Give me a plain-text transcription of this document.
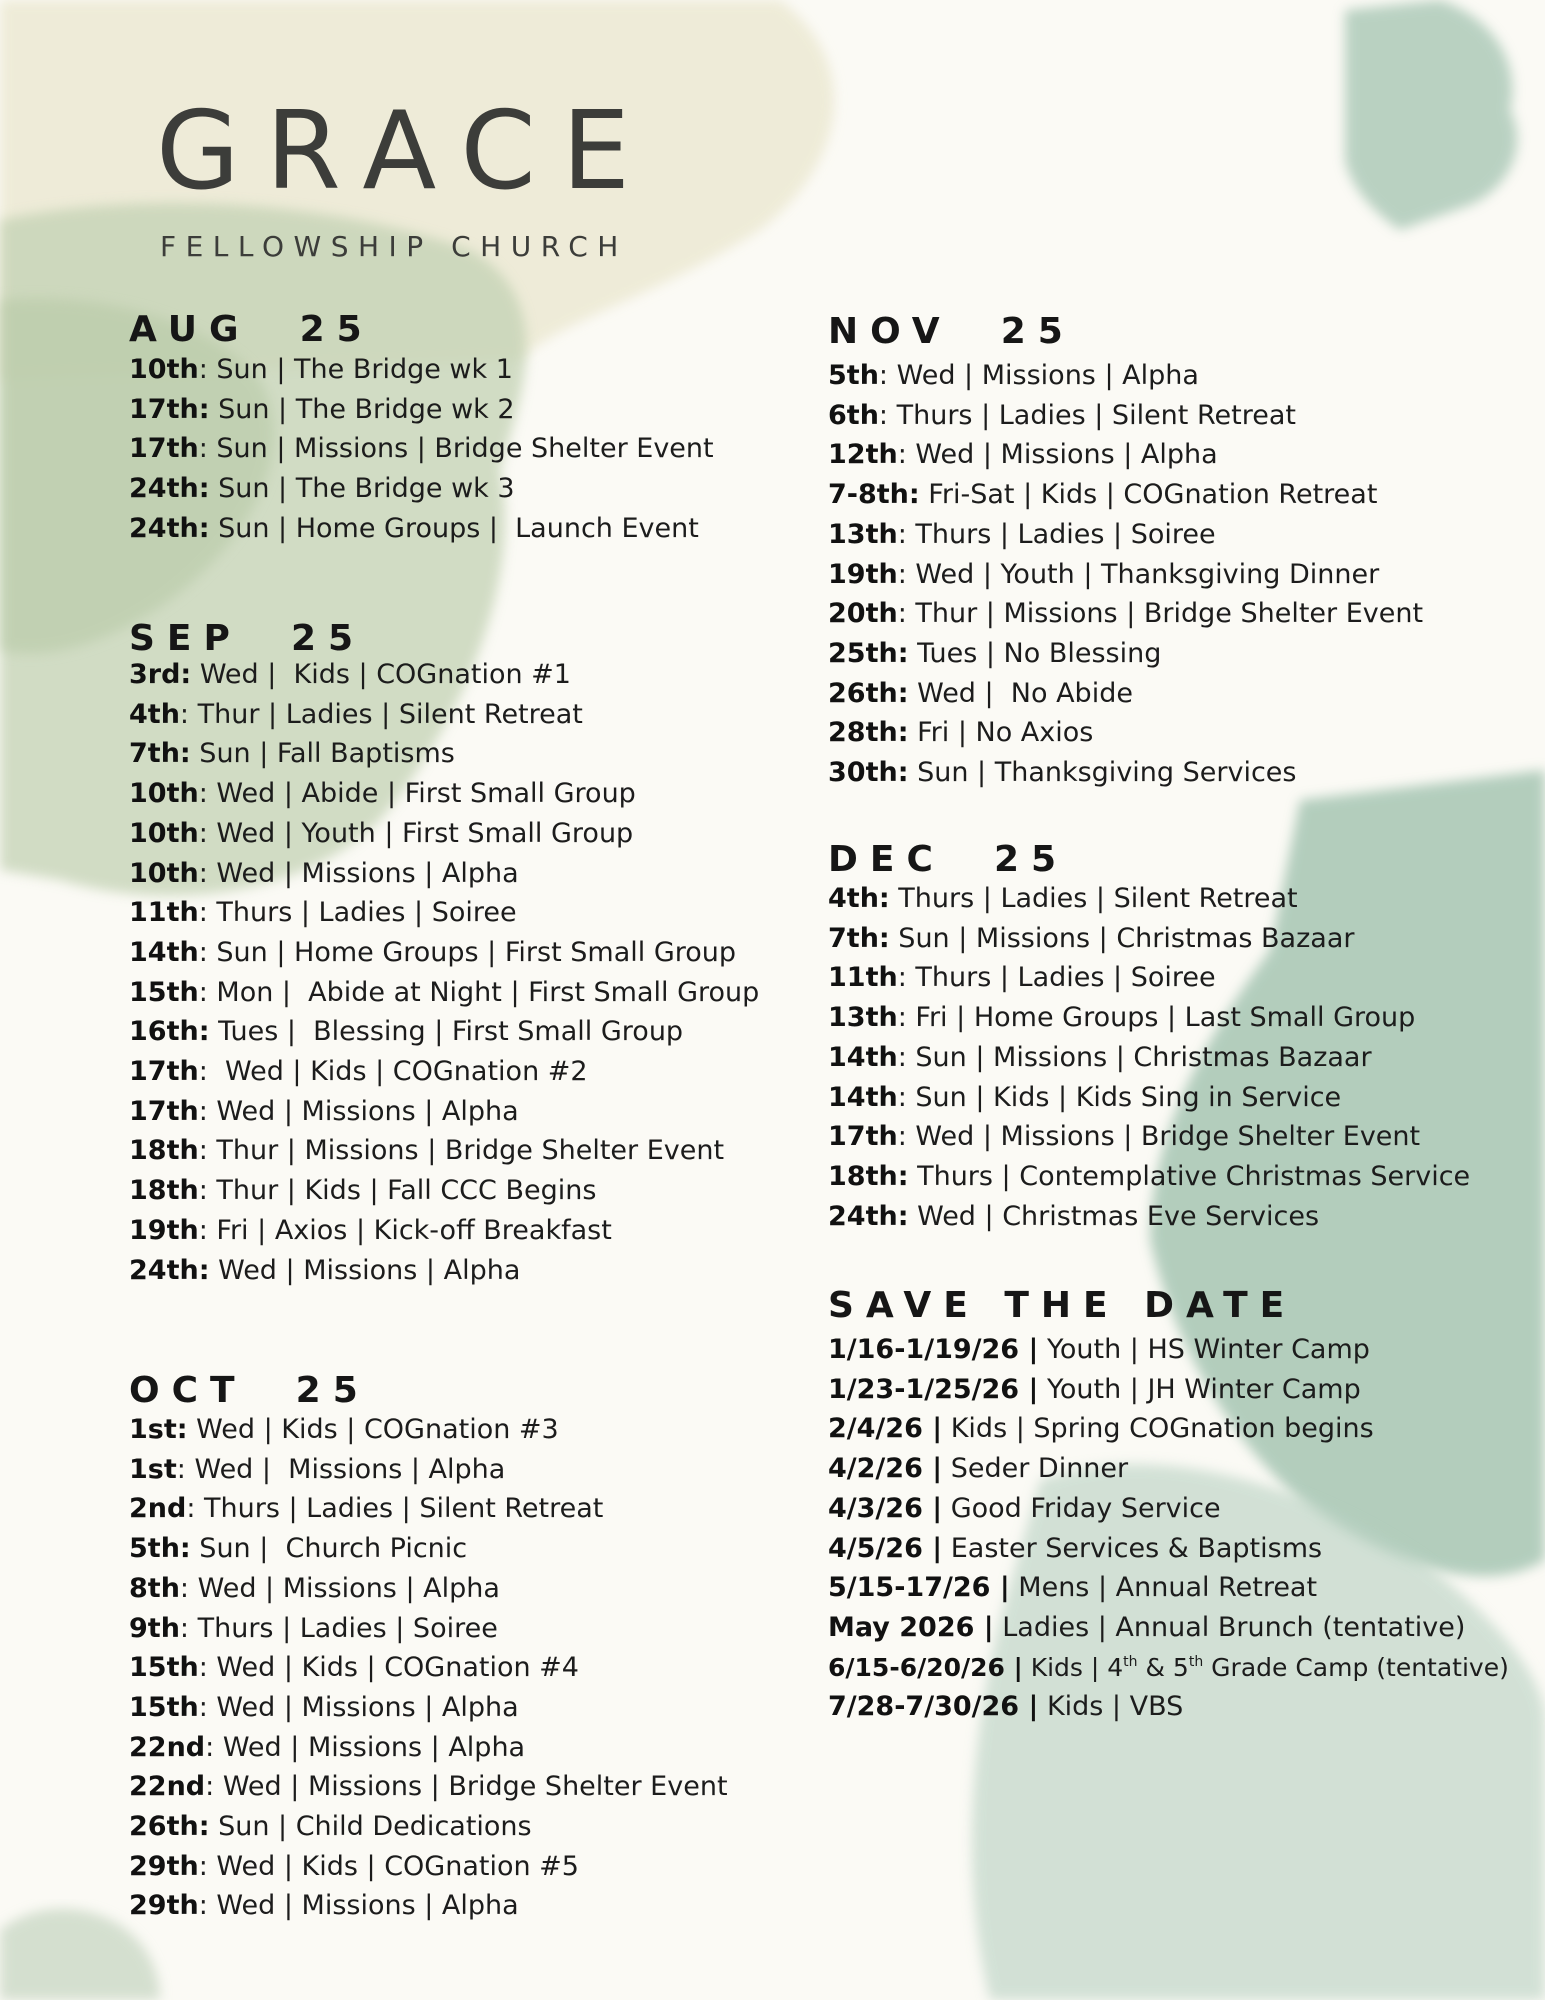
GRACE
FELLOWSHIP CHURCH
AUG  25
10th: Sun | The Bridge wk 1
17th: Sun | The Bridge wk 2
17th: Sun | Missions | Bridge Shelter Event
24th: Sun | The Bridge wk 3
24th: Sun | Home Groups |  Launch Event
SEP  25
3rd: Wed |  Kids | COGnation #1
4th: Thur | Ladies | Silent Retreat
7th: Sun | Fall Baptisms
10th: Wed | Abide | First Small Group
10th: Wed | Youth | First Small Group
10th: Wed | Missions | Alpha
11th: Thurs | Ladies | Soiree
14th: Sun | Home Groups | First Small Group
15th: Mon |  Abide at Night | First Small Group
16th: Tues |  Blessing | First Small Group
17th:  Wed | Kids | COGnation #2
17th: Wed | Missions | Alpha
18th: Thur | Missions | Bridge Shelter Event
18th: Thur | Kids | Fall CCC Begins
19th: Fri | Axios | Kick-off Breakfast
24th: Wed | Missions | Alpha
OCT  25
1st: Wed | Kids | COGnation #3
1st: Wed |  Missions | Alpha
2nd: Thurs | Ladies | Silent Retreat
5th: Sun |  Church Picnic
8th: Wed | Missions | Alpha
9th: Thurs | Ladies | Soiree
15th: Wed | Kids | COGnation #4
15th: Wed | Missions | Alpha
22nd: Wed | Missions | Alpha
22nd: Wed | Missions | Bridge Shelter Event
26th: Sun | Child Dedications
29th: Wed | Kids | COGnation #5
29th: Wed | Missions | Alpha
NOV  25
5th: Wed | Missions | Alpha
6th: Thurs | Ladies | Silent Retreat
12th: Wed | Missions | Alpha
7-8th: Fri-Sat | Kids | COGnation Retreat
13th: Thurs | Ladies | Soiree
19th: Wed | Youth | Thanksgiving Dinner
20th: Thur | Missions | Bridge Shelter Event
25th: Tues | No Blessing
26th: Wed |  No Abide
28th: Fri | No Axios
30th: Sun | Thanksgiving Services
DEC  25
4th: Thurs | Ladies | Silent Retreat
7th: Sun | Missions | Christmas Bazaar
11th: Thurs | Ladies | Soiree
13th: Fri | Home Groups | Last Small Group
14th: Sun | Missions | Christmas Bazaar
14th: Sun | Kids | Kids Sing in Service
17th: Wed | Missions | Bridge Shelter Event
18th: Thurs | Contemplative Christmas Service
24th: Wed | Christmas Eve Services
SAVE THE DATE
1/16-1/19/26 | Youth | HS Winter Camp
1/23-1/25/26 | Youth | JH Winter Camp
2/4/26 | Kids | Spring COGnation begins
4/2/26 | Seder Dinner
4/3/26 | Good Friday Service
4/5/26 | Easter Services & Baptisms
5/15-17/26 | Mens | Annual Retreat
May 2026 | Ladies | Annual Brunch (tentative)
6/15-6/20/26 | Kids | 4th & 5th Grade Camp (tentative)
7/28-7/30/26 | Kids | VBS
